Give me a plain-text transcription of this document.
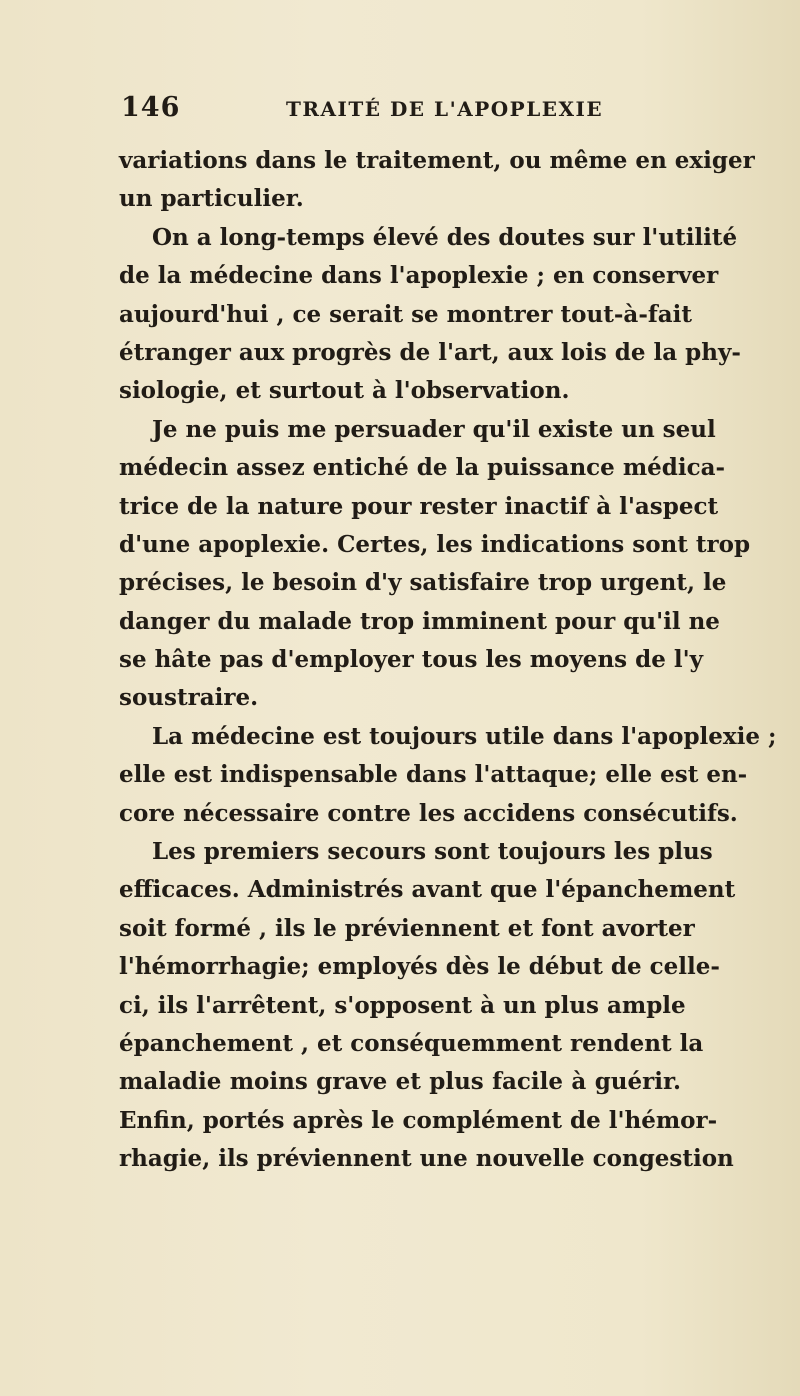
146	TRAITÉ DE L'APOPLEXIE
variations dans le traitement, ou même en exiger
un particulier.
On a long-temps élevé des doutes sur l'utilité
de la médecine dans l'apoplexie ; en conserver
aujourd'hui , ce serait se montrer tout-à-fait
étranger aux progrès de l'art, aux lois de la phy-
siologie, et surtout à l'observation.
Je ne puis me persuader qu'il existe un seul
médecin assez entiché de la puissance médica-
trice de la nature pour rester inactif à l'aspect
d'une apoplexie. Certes, les indications sont trop
précises, le besoin d'y satisfaire trop urgent, le
danger du malade trop imminent pour qu'il ne
se hâte pas d'employer tous les moyens de l'y
soustraire.
La médecine est toujours utile dans l'apoplexie ;
elle est indispensable dans l'attaque; elle est en-
core nécessaire contre les accidens consécutifs.
Les premiers secours sont toujours les plus
efficaces. Administrés avant que l'épanchement
soit formé , ils le préviennent et font avorter
l'hémorrhagie; employés dès le début de celle-
ci, ils l'arrêtent, s'opposent à un plus ample
épanchement , et conséquemment rendent la
maladie moins grave et plus facile à guérir.
Enfin, portés après le complément de l'hémor-
rhagie, ils préviennent une nouvelle congestion
